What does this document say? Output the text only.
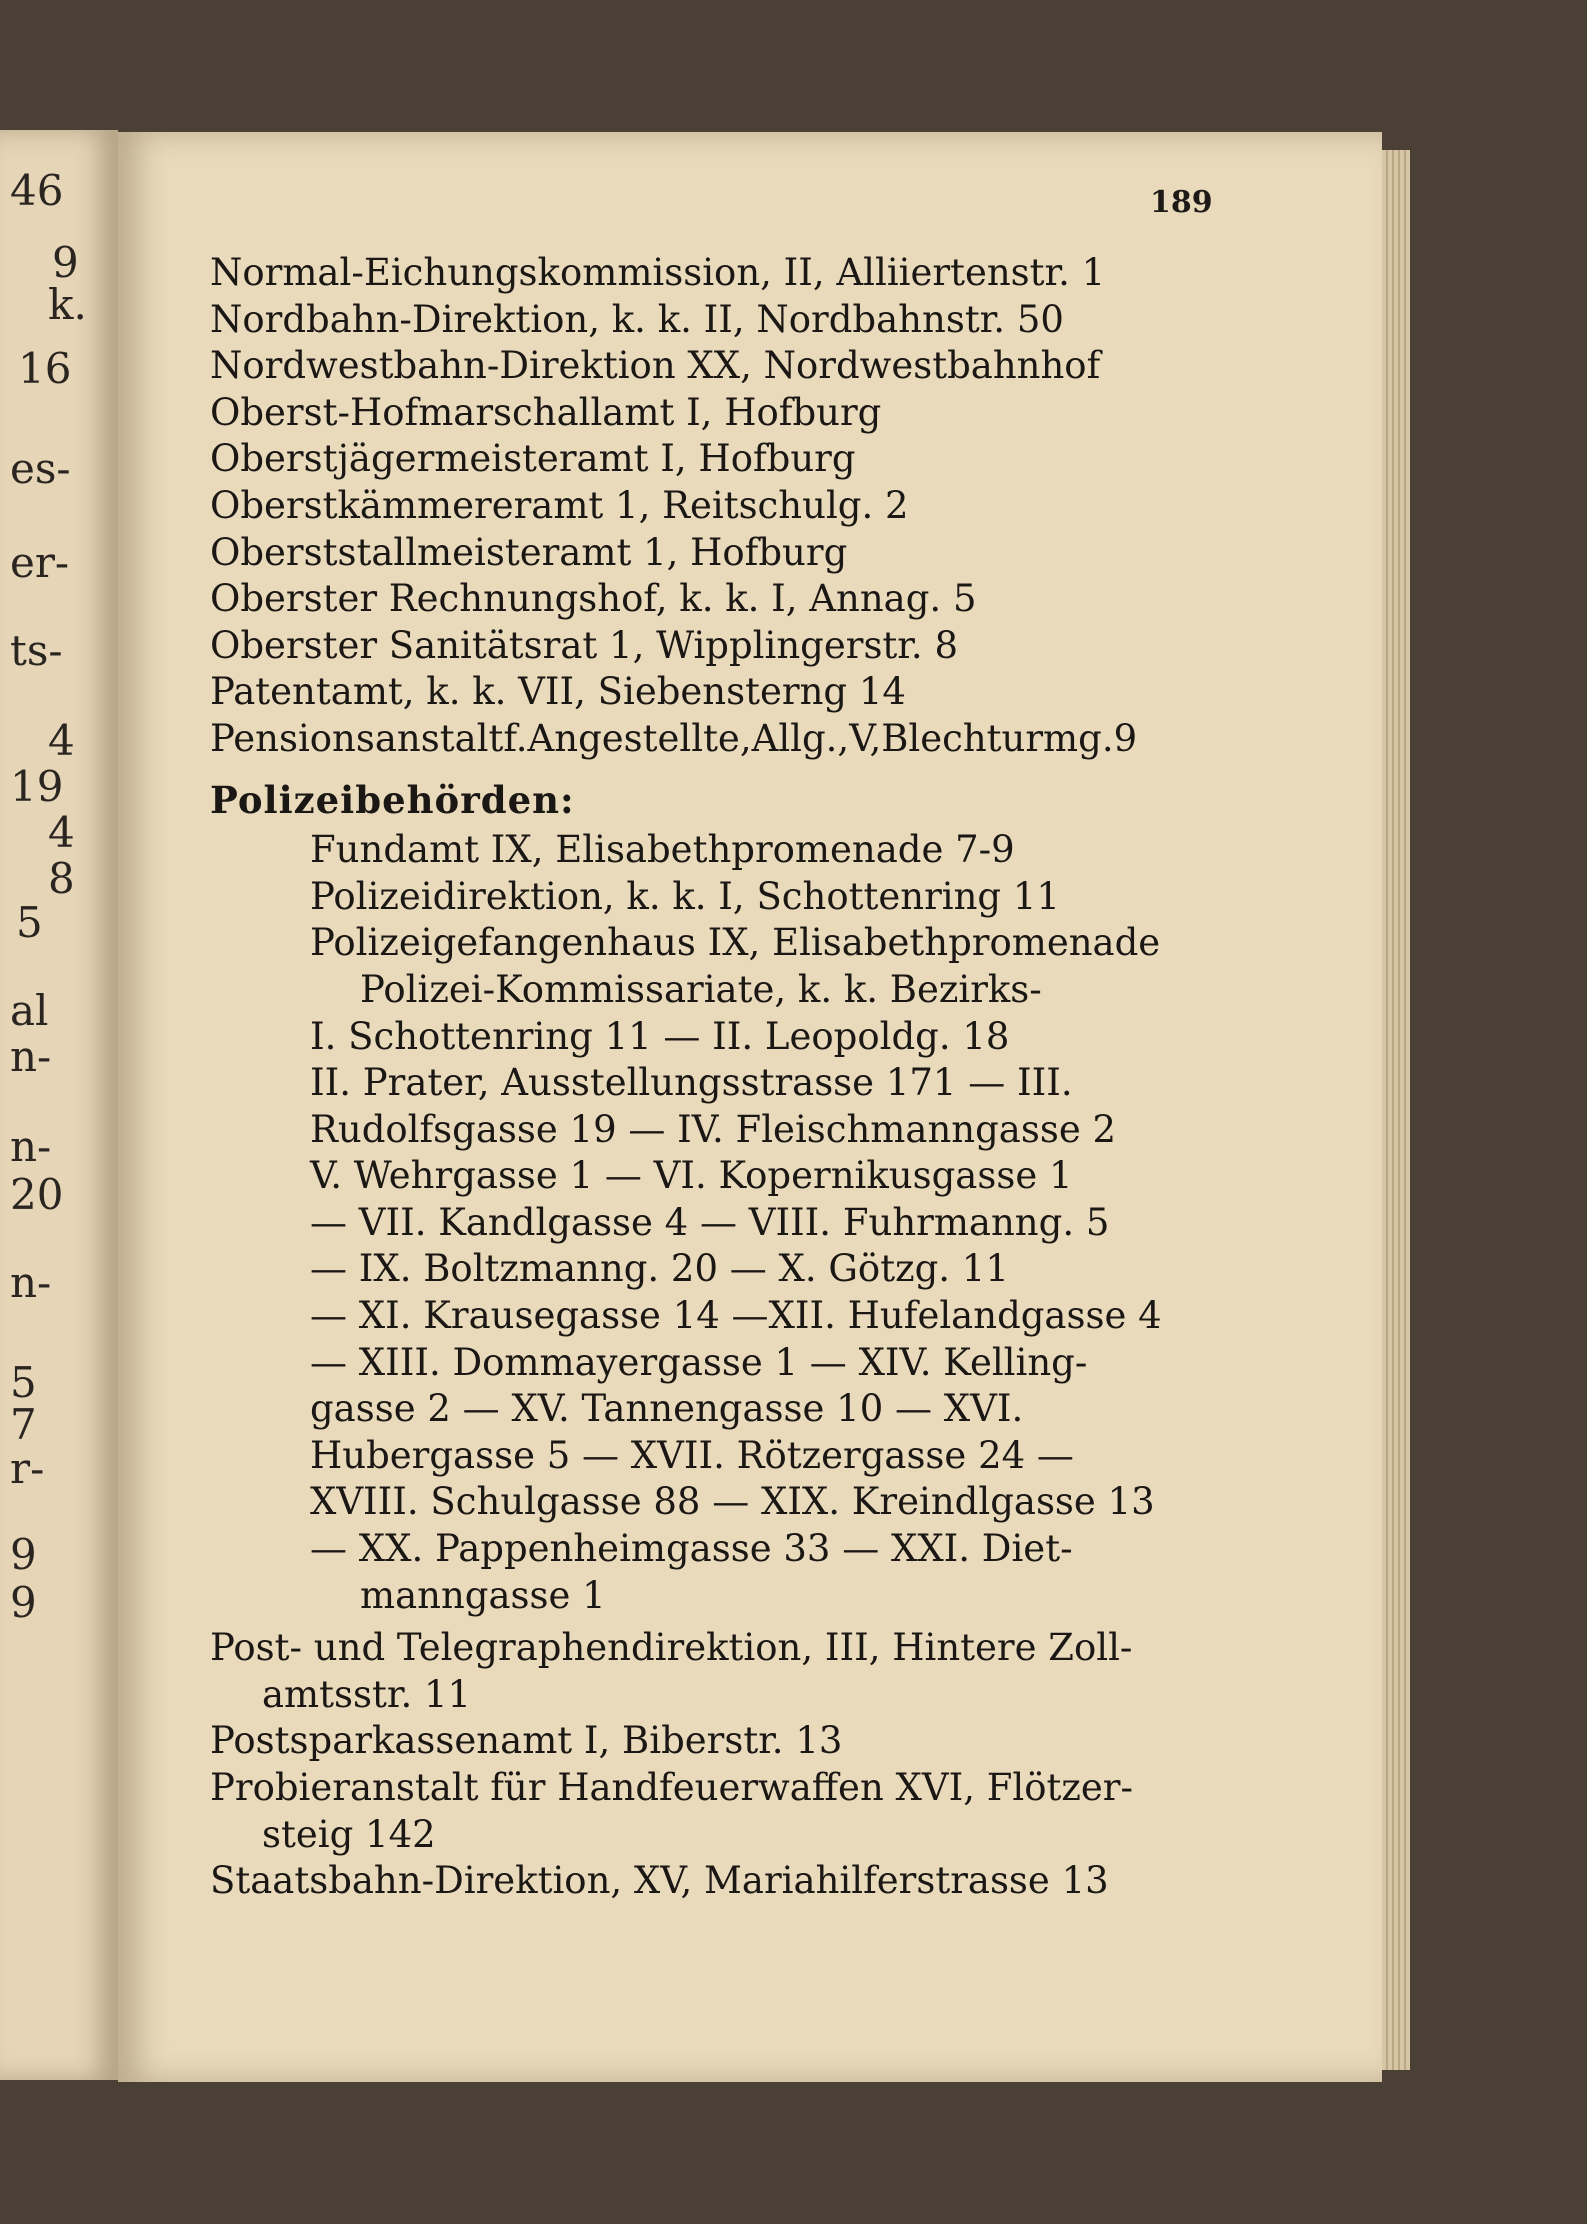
46
9
k.
16
es-
er-
ts-
4
19
4
8
5
al
n-
n-
20
n-
5
7
r-
9
9
189
Normal-Eichungskommission, II, Alliiertenstr. 1
Nordbahn-Direktion, k. k. II, Nordbahnstr. 50
Nordwestbahn-Direktion XX, Nordwestbahnhof
Oberst-Hofmarschallamt I, Hofburg
Oberstjägermeisteramt I, Hofburg
Oberstkämmereramt 1, Reitschulg. 2
Oberststallmeisteramt 1, Hofburg
Oberster Rechnungshof, k. k. I, Annag. 5
Oberster Sanitätsrat 1, Wipplingerstr. 8
Patentamt, k. k. VII, Siebensterng 14
Pensionsanstaltf.Angestellte,Allg.,V,Blechturmg.9
Polizeibehörden:
Fundamt IX, Elisabethpromenade 7-9
Polizeidirektion, k. k. I, Schottenring 11
Polizeigefangenhaus IX, Elisabethpromenade
Polizei-Kommissariate, k. k. Bezirks-
I. Schottenring 11 — II. Leopoldg. 18
II. Prater, Ausstellungsstrasse 171 — III.
Rudolfsgasse 19 — IV. Fleischmanngasse 2
V. Wehrgasse 1 — VI. Kopernikusgasse 1
— VII. Kandlgasse 4 — VIII. Fuhrmanng. 5
— IX. Boltzmanng. 20 — X. Götzg. 11
— XI. Krausegasse 14 —XII. Hufelandgasse 4
— XIII. Dommayergasse 1 — XIV. Kelling-
gasse 2 — XV. Tannengasse 10 — XVI.
Hubergasse 5 — XVII. Rötzergasse 24 —
XVIII. Schulgasse 88 — XIX. Kreindlgasse 13
— XX. Pappenheimgasse 33 — XXI. Diet-
manngasse 1
Post- und Telegraphendirektion, III, Hintere Zoll-
amtsstr. 11
Postsparkassenamt I, Biberstr. 13
Probieranstalt für Handfeuerwaffen XVI, Flötzer-
steig 142
Staatsbahn-Direktion, XV, Mariahilferstrasse 13
